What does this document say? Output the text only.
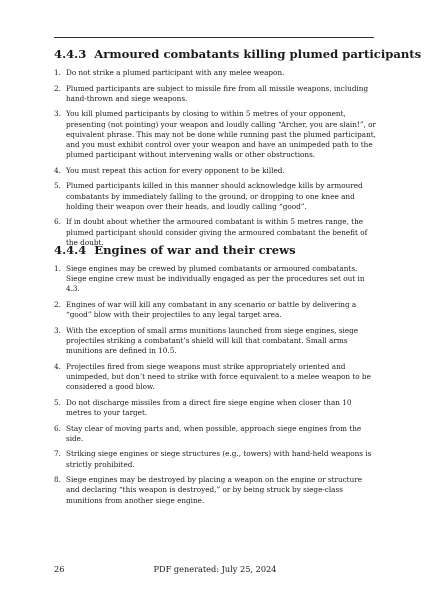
4.4.3 Armoured combatants killing plumed participants
1. Do not strike a plumed participant with any melee weapon.
2. Plumed participants are subject to missile fire from all missile weapons, including hand-thrown and siege weapons.
3. You kill plumed participants by closing to within 5 metres of your opponent, presenting (not pointing) your weapon and loudly calling “Archer, you are slain!”, or equivalent phrase. This may not be done while running past the plumed participant, and you must exhibit control over your weapon and have an unimpeded path to the plumed participant without intervening walls or other obstructions.
4. You must repeat this action for every opponent to be killed.
5. Plumed participants killed in this manner should acknowledge kills by armoured combatants by immediately falling to the ground, or dropping to one knee and holding their weapon over their heads, and loudly calling “good”.
6. If in doubt about whether the armoured combatant is within 5 metres range, the plumed participant should consider giving the armoured combatant the benefit of the doubt.
4.4.4 Engines of war and their crews
1. Siege engines may be crewed by plumed combatants or armoured combatants. Siege engine crew must be individually engaged as per the procedures set out in 4.3.
2. Engines of war will kill any combatant in any scenario or battle by delivering a “good” blow with their projectiles to any legal target area.
3. With the exception of small arms munitions launched from siege engines, siege projectiles striking a combatant’s shield will kill that combatant. Small arms munitions are defined in 10.5.
4. Projectiles fired from siege weapons must strike appropriately oriented and unimpeded, but don’t need to strike with force equivalent to a melee weapon to be considered a good blow.
5. Do not discharge missiles from a direct fire siege engine when closer than 10 metres to your target.
6. Stay clear of moving parts and, when possible, approach siege engines from the side.
7. Striking siege engines or siege structures (e.g., towers) with hand-held weapons is strictly prohibited.
8. Siege engines may be destroyed by placing a weapon on the engine or structure and declaring “this weapon is destroyed,” or by being struck by siege-class munitions from another siege engine.
26	PDF generated: July 25, 2024
